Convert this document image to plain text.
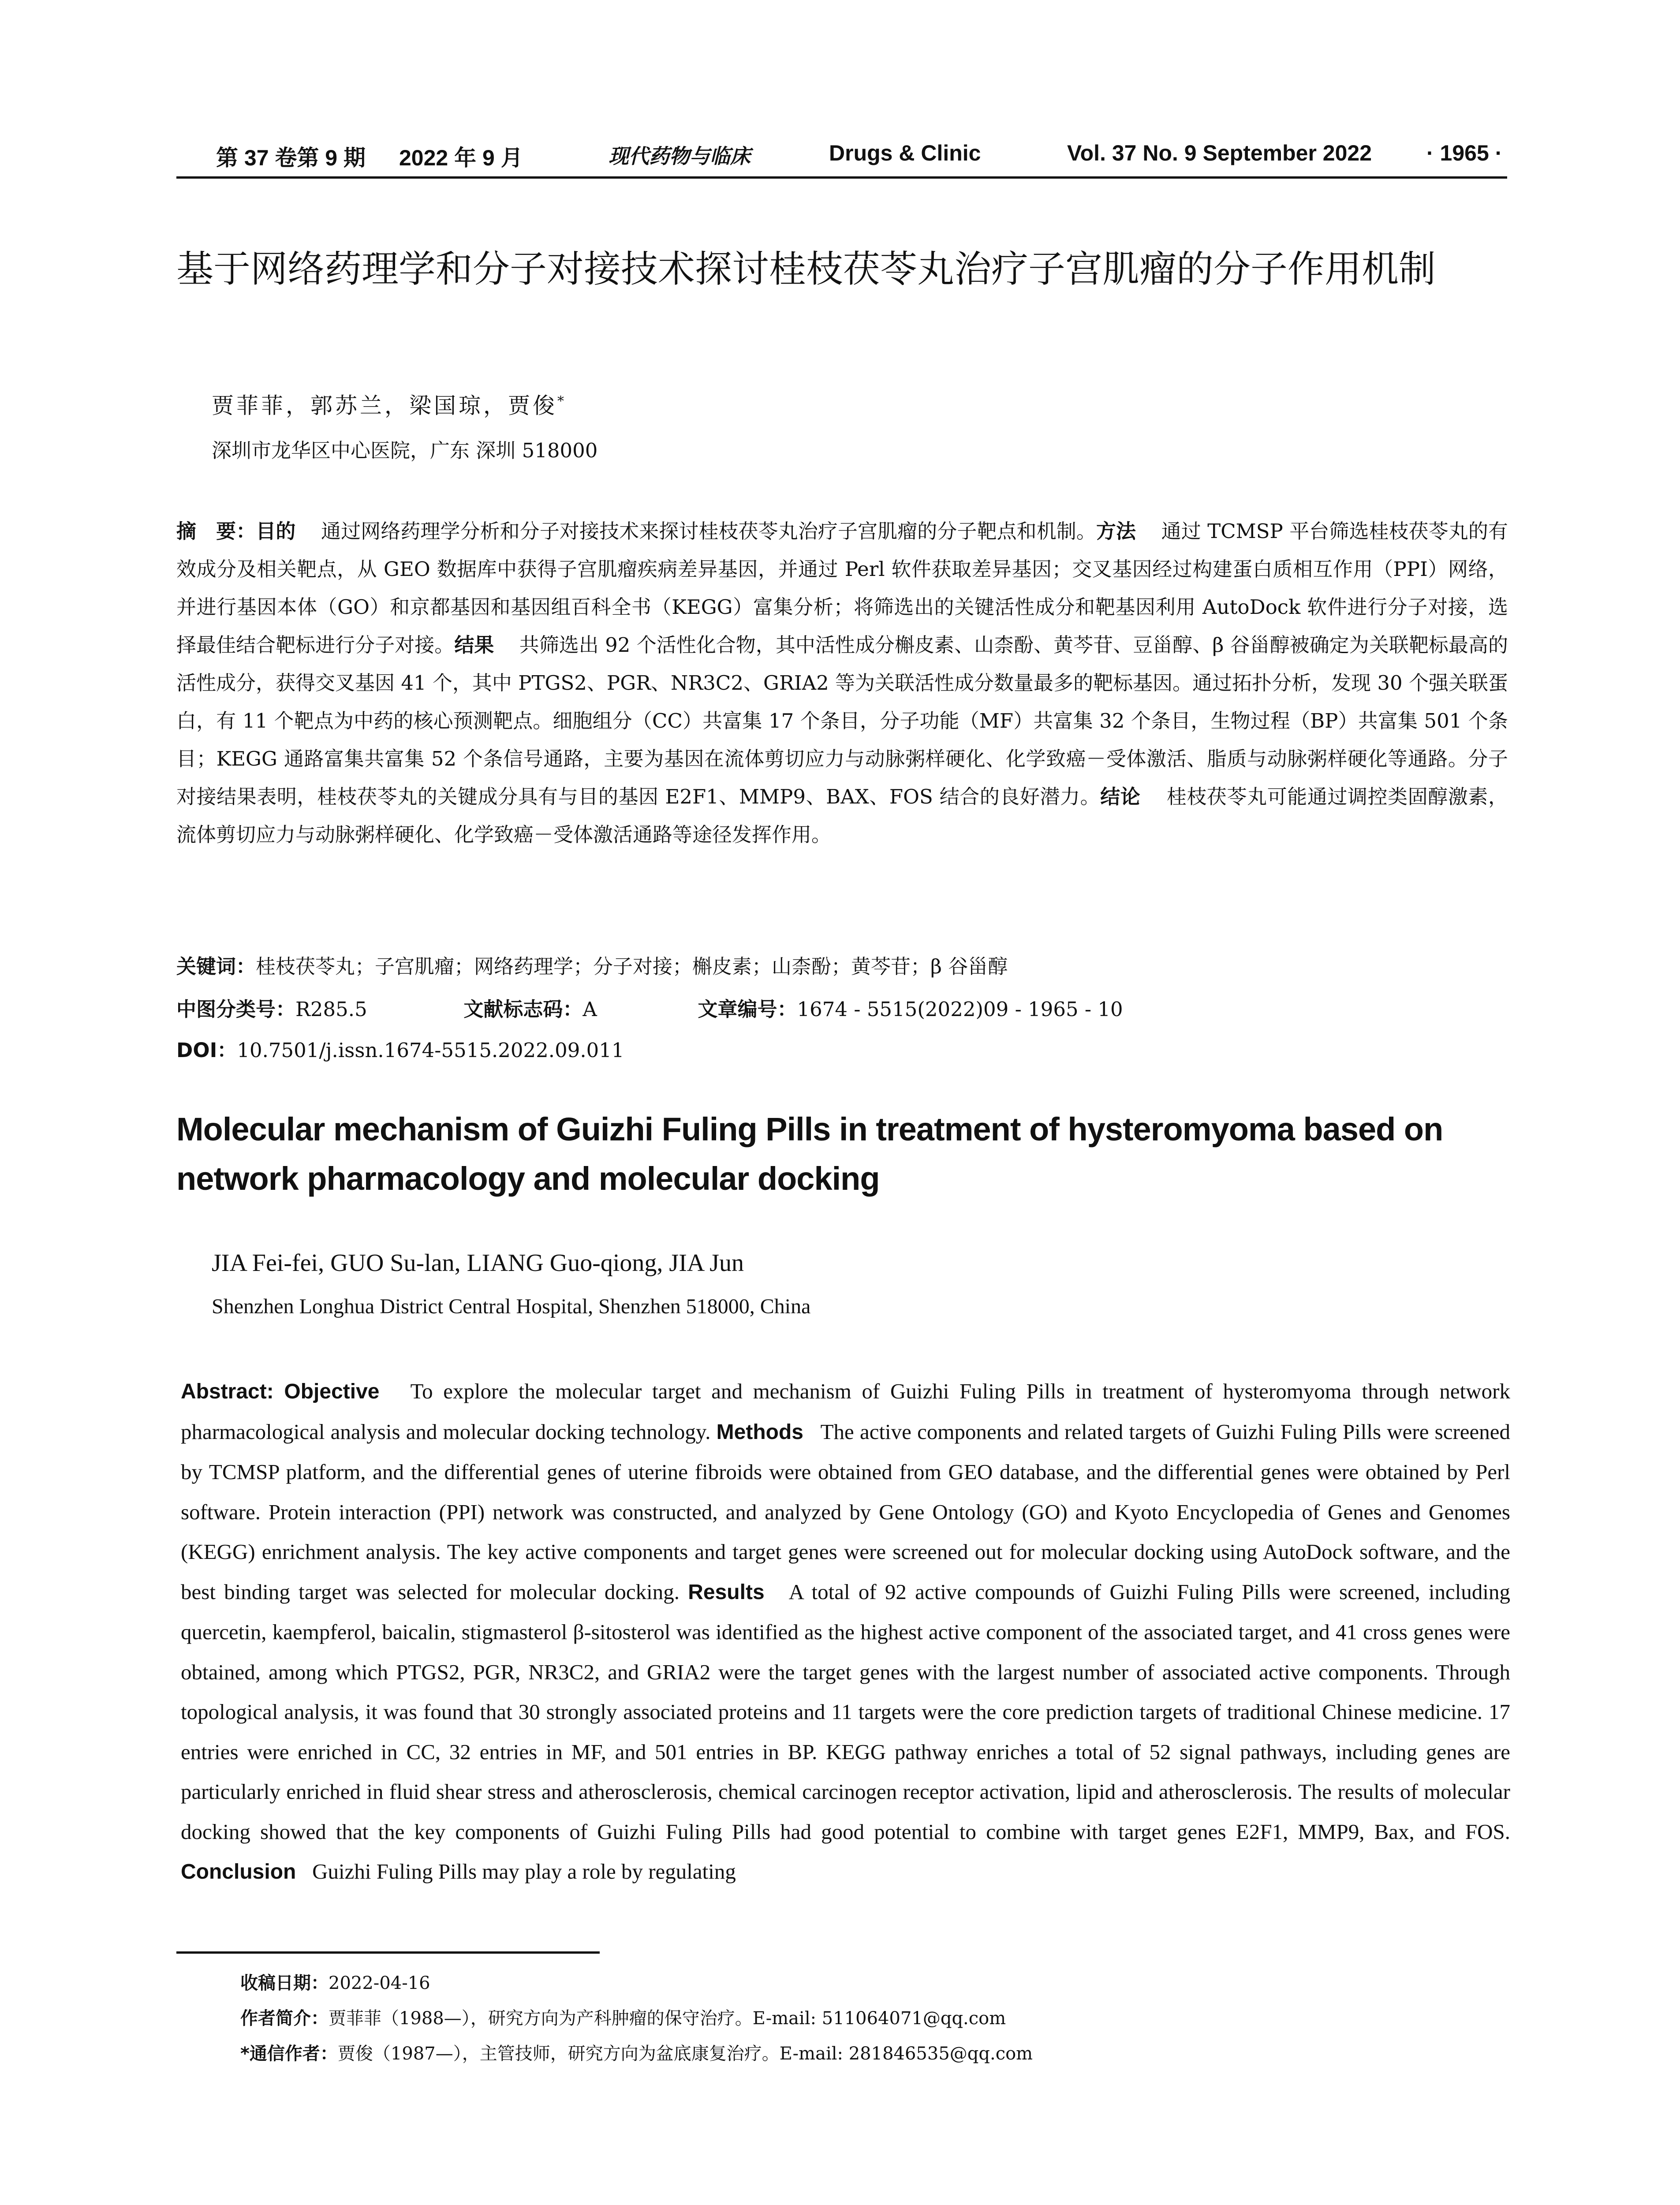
第 37 卷第 9 期 2022 年 9 月	现代药物与临床	Drugs & Clinic	Vol. 37 No. 9 September 2022 · 1965 ·
基于网络药理学和分子对接技术探讨桂枝茯苓丸治疗子宫肌瘤的分子作用机制
贾菲菲，郭苏兰，梁国琼，贾俊*
深圳市龙华区中心医院，广东 深圳 518000
摘　要：目的 通过网络药理学分析和分子对接技术来探讨桂枝茯苓丸治疗子宫肌瘤的分子靶点和机制。方法 通过 TCMSP 平台筛选桂枝茯苓丸的有效成分及相关靶点，从 GEO 数据库中获得子宫肌瘤疾病差异基因，并通过 Perl 软件获取差异基因；交叉基因经过构建蛋白质相互作用（PPI）网络，并进行基因本体（GO）和京都基因和基因组百科全书（KEGG）富集分析；将筛选出的关键活性成分和靶基因利用 AutoDock 软件进行分子对接，选择最佳结合靶标进行分子对接。结果 共筛选出 92 个活性化合物，其中活性成分槲皮素、山柰酚、黄芩苷、豆甾醇、β 谷甾醇被确定为关联靶标最高的活性成分，获得交叉基因 41 个，其中 PTGS2、PGR、NR3C2、GRIA2 等为关联活性成分数量最多的靶标基因。通过拓扑分析，发现 30 个强关联蛋白，有 11 个靶点为中药的核心预测靶点。细胞组分（CC）共富集 17 个条目，分子功能（MF）共富集 32 个条目，生物过程（BP）共富集 501 个条目；KEGG 通路富集共富集 52 个条信号通路，主要为基因在流体剪切应力与动脉粥样硬化、化学致癌－受体激活、脂质与动脉粥样硬化等通路。分子对接结果表明，桂枝茯苓丸的关键成分具有与目的基因 E2F1、MMP9、BAX、FOS 结合的良好潜力。结论 桂枝茯苓丸可能通过调控类固醇激素，流体剪切应力与动脉粥样硬化、化学致癌－受体激活通路等途径发挥作用。
关键词：桂枝茯苓丸；子宫肌瘤；网络药理学；分子对接；槲皮素；山柰酚；黄芩苷；β 谷甾醇
中图分类号：R285.5	文献标志码：A	文章编号：1674 - 5515(2022)09 - 1965 - 10
DOI：10.7501/j.issn.1674-5515.2022.09.011
Molecular mechanism of Guizhi Fuling Pills in treatment of hysteromyoma based on network pharmacology and molecular docking
JIA Fei-fei, GUO Su-lan, LIANG Guo-qiong, JIA Jun
Shenzhen Longhua District Central Hospital, Shenzhen 518000, China
Abstract: Objective To explore the molecular target and mechanism of Guizhi Fuling Pills in treatment of hysteromyoma through network pharmacological analysis and molecular docking technology. Methods The active components and related targets of Guizhi Fuling Pills were screened by TCMSP platform, and the differential genes of uterine fibroids were obtained from GEO database, and the differential genes were obtained by Perl software. Protein interaction (PPI) network was constructed, and analyzed by Gene Ontology (GO) and Kyoto Encyclopedia of Genes and Genomes (KEGG) enrichment analysis. The key active components and target genes were screened out for molecular docking using AutoDock software, and the best binding target was selected for molecular docking. Results A total of 92 active compounds of Guizhi Fuling Pills were screened, including quercetin, kaempferol, baicalin, stigmasterol β-sitosterol was identified as the highest active component of the associated target, and 41 cross genes were obtained, among which PTGS2, PGR, NR3C2, and GRIA2 were the target genes with the largest number of associated active components. Through topological analysis, it was found that 30 strongly associated proteins and 11 targets were the core prediction targets of traditional Chinese medicine. 17 entries were enriched in CC, 32 entries in MF, and 501 entries in BP. KEGG pathway enriches a total of 52 signal pathways, including genes are particularly enriched in fluid shear stress and atherosclerosis, chemical carcinogen receptor activation, lipid and atherosclerosis. The results of molecular docking showed that the key components of Guizhi Fuling Pills had good potential to combine with target genes E2F1, MMP9, Bax, and FOS. Conclusion Guizhi Fuling Pills may play a role by regulating
收稿日期：2022-04-16
作者简介：贾菲菲（1988—），研究方向为产科肿瘤的保守治疗。E-mail: 511064071@qq.com
*通信作者：贾俊（1987—），主管技师，研究方向为盆底康复治疗。E-mail: 281846535@qq.com
